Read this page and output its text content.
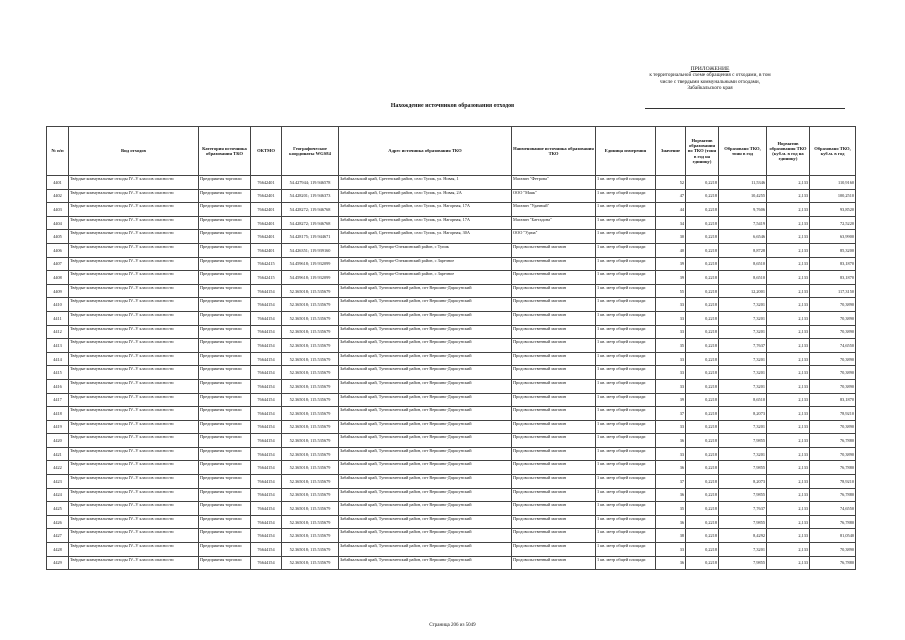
ПРИЛОЖЕНИЕ
к территориальной схеме обращения с отходами, в том
числе с твердыми коммунальными отходами,
Забайкальского края
Нахождение источников образования отходов
№ п/п	Вид отходов	Категория источника образования ТКО	ОКТМО	Географические координаты WGS84	Адрес источника образования ТКО	Наименование источника образования ТКО	Единица измерения	Значение	Норматив образования по ТКО (тонн в год на единицу)	Образовано ТКО, тонн в год	Норматив образования ТКО (куб.м. в год на единицу)	Образовано ТКО, куб.м. в год
4401	Твёрдые коммунальные отходы IV–V классов опасности	Предприятия торговли	76642401	54.427944; 119.946578	Забайкальский край, Сретенский район, село Тупик, ул. Новая, 1	Магазин "Фетрова"	1 кв. метр общей площади	52	0,2218	11,5346	2,133	110,9160
4402	Твёрдые коммунальные отходы IV–V классов опасности	Предприятия торговли	76642401	54.428201; 119.946373	Забайкальский край, Сретенский район, село Тупик, ул. Новая, 2А	ООО "Маяк"	1 кв. метр общей площади	47	0,2218	10,4255	2,133	100,2510
4403	Твёрдые коммунальные отходы IV–V классов опасности	Предприятия торговли	76642401	54.428272; 119.946768	Забайкальский край, Сретенский район, село Тупик, ул. Нагорная, 17А	Магазин "Удачный"	1 кв. метр общей площади	44	0,2218	9,7606	2,133	93,8520
4404	Твёрдые коммунальные отходы IV–V классов опасности	Предприятия торговли	76642401	54.428272; 119.946768	Забайкальский край, Сретенский район, село Тупик, ул. Нагорная, 17А	Магазин "Баттадона"	1 кв. метр общей площади	34	0,2218	7,5419	2,133	72,5220
4405	Твёрдые коммунальные отходы IV–V классов опасности	Предприятия торговли	76642401	54.428175; 119.944671	Забайкальский край, Сретенский район, село Тупик, ул. Нагорная, 30А	ООО "Удача"	1 кв. метр общей площади	30	0,2218	6,6546	2,133	63,9900
4406	Твёрдые коммунальные отходы IV–V классов опасности	Предприятия торговли	76642401	54.426351; 119.939160	Забайкальский край, Тунгиро-Олекминский район, с Тупик	Продовольственный магазин	1 кв. метр общей площади	40	0,2218	8,8728	2,133	85,3200
4407	Твёрдые коммунальные отходы IV–V классов опасности	Предприятия торговли	76642415	54.459618; 119.932099	Забайкальский край, Тунгиро-Олекминский район, с Заречное	Продовольственный магазин	1 кв. метр общей площади	39	0,2218	8,6510	2,133	83,1870
4408	Твёрдые коммунальные отходы IV–V классов опасности	Предприятия торговли	76642415	54.459618; 119.932099	Забайкальский край, Тунгиро-Олекминский район, с Заречное	Продовольственный магазин	1 кв. метр общей площади	39	0,2218	8,6510	2,133	83,1870
4409	Твёрдые коммунальные отходы IV–V классов опасности	Предприятия торговли	76644154	52.365018; 115.535679	Забайкальский край, Тунгокоченский район, пгт Вершино-Дарасунский	Продовольственный магазин	1 кв. метр общей площади	55	0,2218	12,2001	2,133	117,3150
4410	Твёрдые коммунальные отходы IV–V классов опасности	Предприятия торговли	76644154	52.365018; 115.535679	Забайкальский край, Тунгокоченский район, пгт Вершино-Дарасунский	Продовольственный магазин	1 кв. метр общей площади	33	0,2218	7,3201	2,133	70,3890
4411	Твёрдые коммунальные отходы IV–V классов опасности	Предприятия торговли	76644154	52.365018; 115.535679	Забайкальский край, Тунгокоченский район, пгт Вершино-Дарасунский	Продовольственный магазин	1 кв. метр общей площади	33	0,2218	7,3201	2,133	70,3890
4412	Твёрдые коммунальные отходы IV–V классов опасности	Предприятия торговли	76644154	52.365018; 115.535679	Забайкальский край, Тунгокоченский район, пгт Вершино-Дарасунский	Продовольственный магазин	1 кв. метр общей площади	33	0,2218	7,3201	2,133	70,3890
4413	Твёрдые коммунальные отходы IV–V классов опасности	Предприятия торговли	76644154	52.365018; 115.535679	Забайкальский край, Тунгокоченский район, пгт Вершино-Дарасунский	Продовольственный магазин	1 кв. метр общей площади	35	0,2218	7,7637	2,133	74,6550
4414	Твёрдые коммунальные отходы IV–V классов опасности	Предприятия торговли	76644154	52.365018; 115.535679	Забайкальский край, Тунгокоченский район, пгт Вершино-Дарасунский	Продовольственный магазин	1 кв. метр общей площади	33	0,2218	7,3201	2,133	70,3890
4415	Твёрдые коммунальные отходы IV–V классов опасности	Предприятия торговли	76644154	52.365018; 115.535679	Забайкальский край, Тунгокоченский район, пгт Вершино-Дарасунский	Продовольственный магазин	1 кв. метр общей площади	33	0,2218	7,3201	2,133	70,3890
4416	Твёрдые коммунальные отходы IV–V классов опасности	Предприятия торговли	76644154	52.365018; 115.535679	Забайкальский край, Тунгокоченский район, пгт Вершино-Дарасунский	Продовольственный магазин	1 кв. метр общей площади	33	0,2218	7,3201	2,133	70,3890
4417	Твёрдые коммунальные отходы IV–V классов опасности	Предприятия торговли	76644154	52.365018; 115.535679	Забайкальский край, Тунгокоченский район, пгт Вершино-Дарасунский	Продовольственный магазин	1 кв. метр общей площади	39	0,2218	8,6510	2,133	83,1870
4418	Твёрдые коммунальные отходы IV–V классов опасности	Предприятия торговли	76644154	52.365018; 115.535679	Забайкальский край, Тунгокоченский район, пгт Вершино-Дарасунский	Продовольственный магазин	1 кв. метр общей площади	37	0,2218	8,2073	2,133	78,9210
4419	Твёрдые коммунальные отходы IV–V классов опасности	Предприятия торговли	76644154	52.365018; 115.535679	Забайкальский край, Тунгокоченский район, пгт Вершино-Дарасунский	Продовольственный магазин	1 кв. метр общей площади	33	0,2218	7,3201	2,133	70,3890
4420	Твёрдые коммунальные отходы IV–V классов опасности	Предприятия торговли	76644154	52.365018; 115.535679	Забайкальский край, Тунгокоченский район, пгт Вершино-Дарасунский	Продовольственный магазин	1 кв. метр общей площади	36	0,2218	7,9855	2,133	76,7880
4421	Твёрдые коммунальные отходы IV–V классов опасности	Предприятия торговли	76644154	52.365018; 115.535679	Забайкальский край, Тунгокоченский район, пгт Вершино-Дарасунский	Продовольственный магазин	1 кв. метр общей площади	33	0,2218	7,3201	2,133	70,3890
4422	Твёрдые коммунальные отходы IV–V классов опасности	Предприятия торговли	76644154	52.365018; 115.535679	Забайкальский край, Тунгокоченский район, пгт Вершино-Дарасунский	Продовольственный магазин	1 кв. метр общей площади	36	0,2218	7,9855	2,133	76,7880
4423	Твёрдые коммунальные отходы IV–V классов опасности	Предприятия торговли	76644154	52.365018; 115.535679	Забайкальский край, Тунгокоченский район, пгт Вершино-Дарасунский	Продовольственный магазин	1 кв. метр общей площади	37	0,2218	8,2073	2,133	78,9210
4424	Твёрдые коммунальные отходы IV–V классов опасности	Предприятия торговли	76644154	52.365018; 115.535679	Забайкальский край, Тунгокоченский район, пгт Вершино-Дарасунский	Продовольственный магазин	1 кв. метр общей площади	36	0,2218	7,9855	2,133	76,7880
4425	Твёрдые коммунальные отходы IV–V классов опасности	Предприятия торговли	76644154	52.365018; 115.535679	Забайкальский край, Тунгокоченский район, пгт Вершино-Дарасунский	Продовольственный магазин	1 кв. метр общей площади	35	0,2218	7,7637	2,133	74,6550
4426	Твёрдые коммунальные отходы IV–V классов опасности	Предприятия торговли	76644154	52.365018; 115.535679	Забайкальский край, Тунгокоченский район, пгт Вершино-Дарасунский	Продовольственный магазин	1 кв. метр общей площади	36	0,2218	7,9855	2,133	76,7880
4427	Твёрдые коммунальные отходы IV–V классов опасности	Предприятия торговли	76644154	52.365018; 115.535679	Забайкальский край, Тунгокоченский район, пгт Вершино-Дарасунский	Продовольственный магазин	1 кв. метр общей площади	38	0,2218	8,4292	2,133	81,0540
4428	Твёрдые коммунальные отходы IV–V классов опасности	Предприятия торговли	76644154	52.365018; 115.535679	Забайкальский край, Тунгокоченский район, пгт Вершино-Дарасунский	Продовольственный магазин	1 кв. метр общей площади	33	0,2218	7,3201	2,133	70,3890
4429	Твёрдые коммунальные отходы IV–V классов опасности	Предприятия торговли	76644154	52.365018; 115.535679	Забайкальский край, Тунгокоченский район, пгт Вершино-Дарасунский	Продовольственный магазин	1 кв. метр общей площади	36	0,2218	7,9855	2,133	76,7880
Страница 206 из 5049
